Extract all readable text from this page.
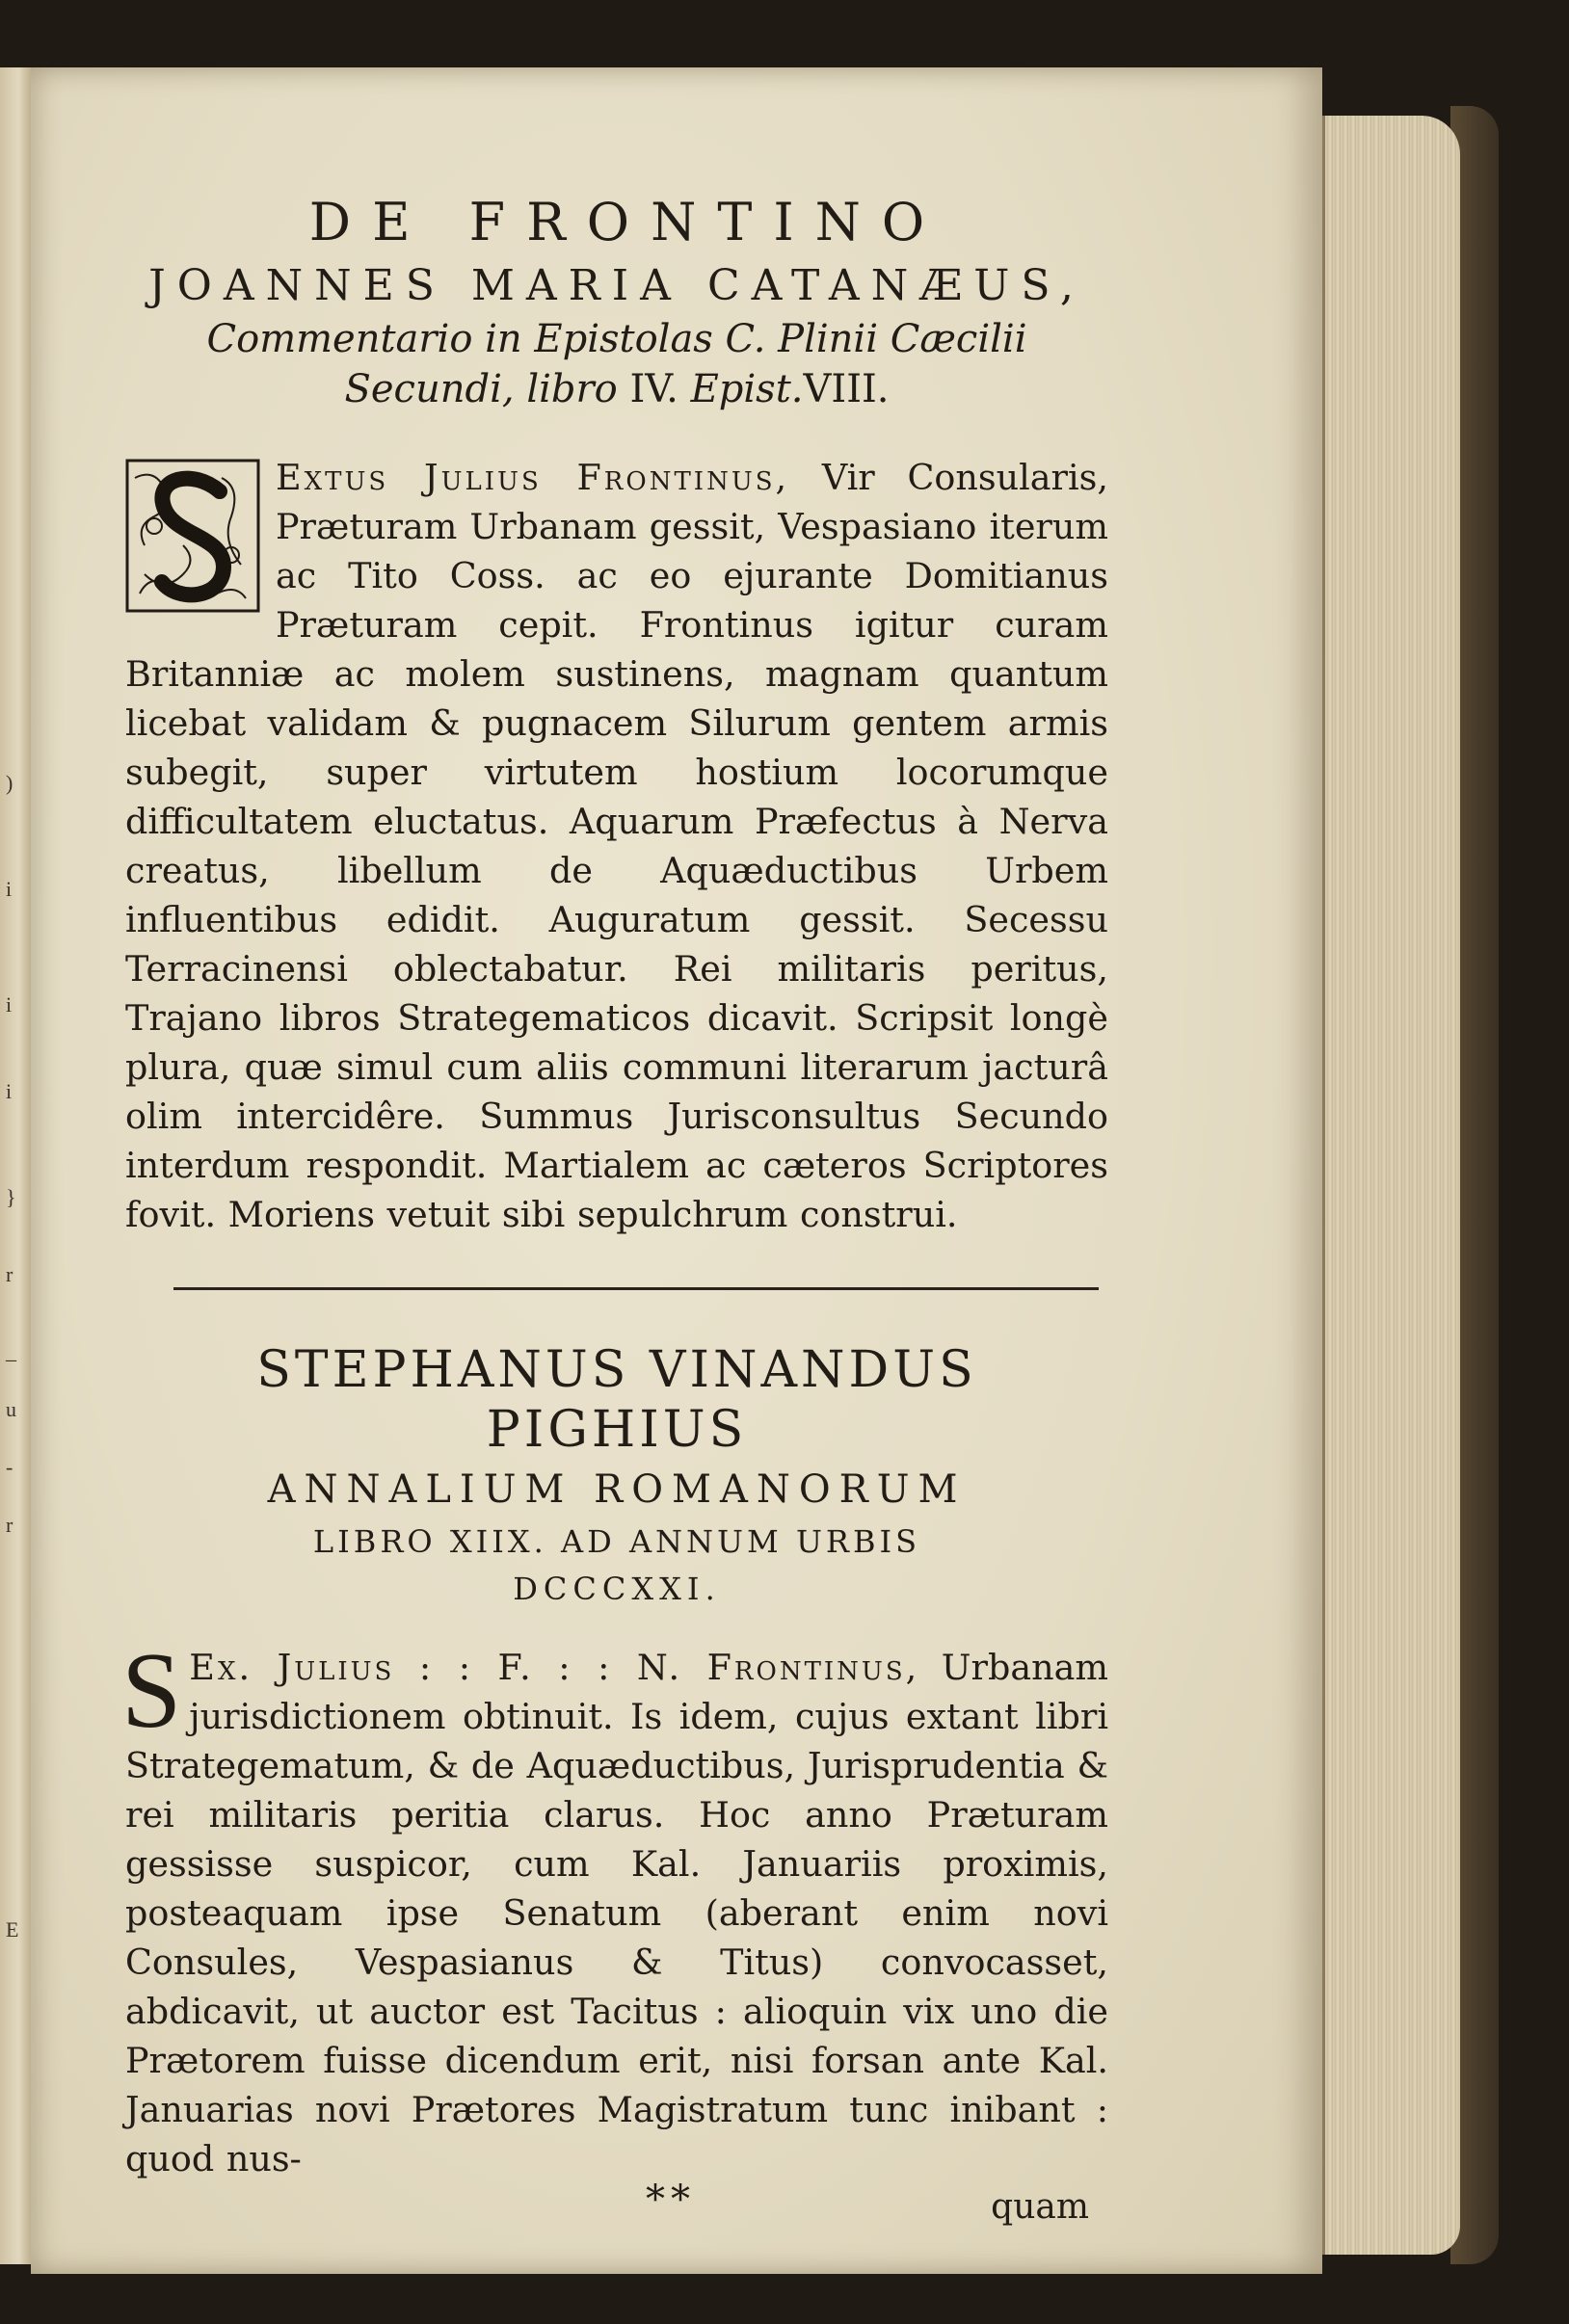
)
i
i
i
}
r
_
u
-
r
E
DE FRONTINO
JOANNES MARIA CATANÆUS,
Commentario in Epistolas C. Plinii Cæcilii
Secundi, libro IV. Epist.VIII.
Extus Julius Frontinus, Vir Consularis, Præturam Urbanam gessit, Vespasiano iterum ac Tito Coss. ac eo ejurante Domitianus Præturam cepit. Frontinus igitur curam Britanniæ ac molem sustinens, magnam quantum licebat validam & pugnacem Silurum gentem armis subegit, super virtutem hostium locorumque difficultatem eluctatus. Aquarum Præfectus à Nerva creatus, libellum de Aquæductibus Urbem influentibus edidit. Auguratum gessit. Secessu Terracinensi oblectabatur. Rei militaris peritus, Trajano libros Strategematicos dicavit. Scripsit longè plura, quæ simul cum aliis communi literarum jacturâ olim intercidêre. Summus Jurisconsultus Secundo interdum respondit. Martialem ac cæteros Scriptores fovit. Moriens vetuit sibi sepulchrum construi.
STEPHANUS VINANDUS PIGHIUS
ANNALIUM ROMANORUM
LIBRO XIIX. AD ANNUM URBIS
DCCCXXI.
S Ex. Julius : : F. : : N. Frontinus, Urbanam jurisdictionem obtinuit. Is idem, cujus extant libri Strategematum, & de Aquæductibus, Jurisprudentia & rei militaris peritia clarus. Hoc anno Præturam gessisse suspicor, cum Kal. Januariis proximis, posteaquam ipse Senatum (aberant enim novi Consules, Vespasianus & Titus) convocasset, abdicavit, ut auctor est Tacitus : alioquin vix uno die Prætorem fuisse dicendum erit, nisi forsan ante Kal. Januarias novi Prætores Magistratum tunc inibant : quod nus-
**	quam
